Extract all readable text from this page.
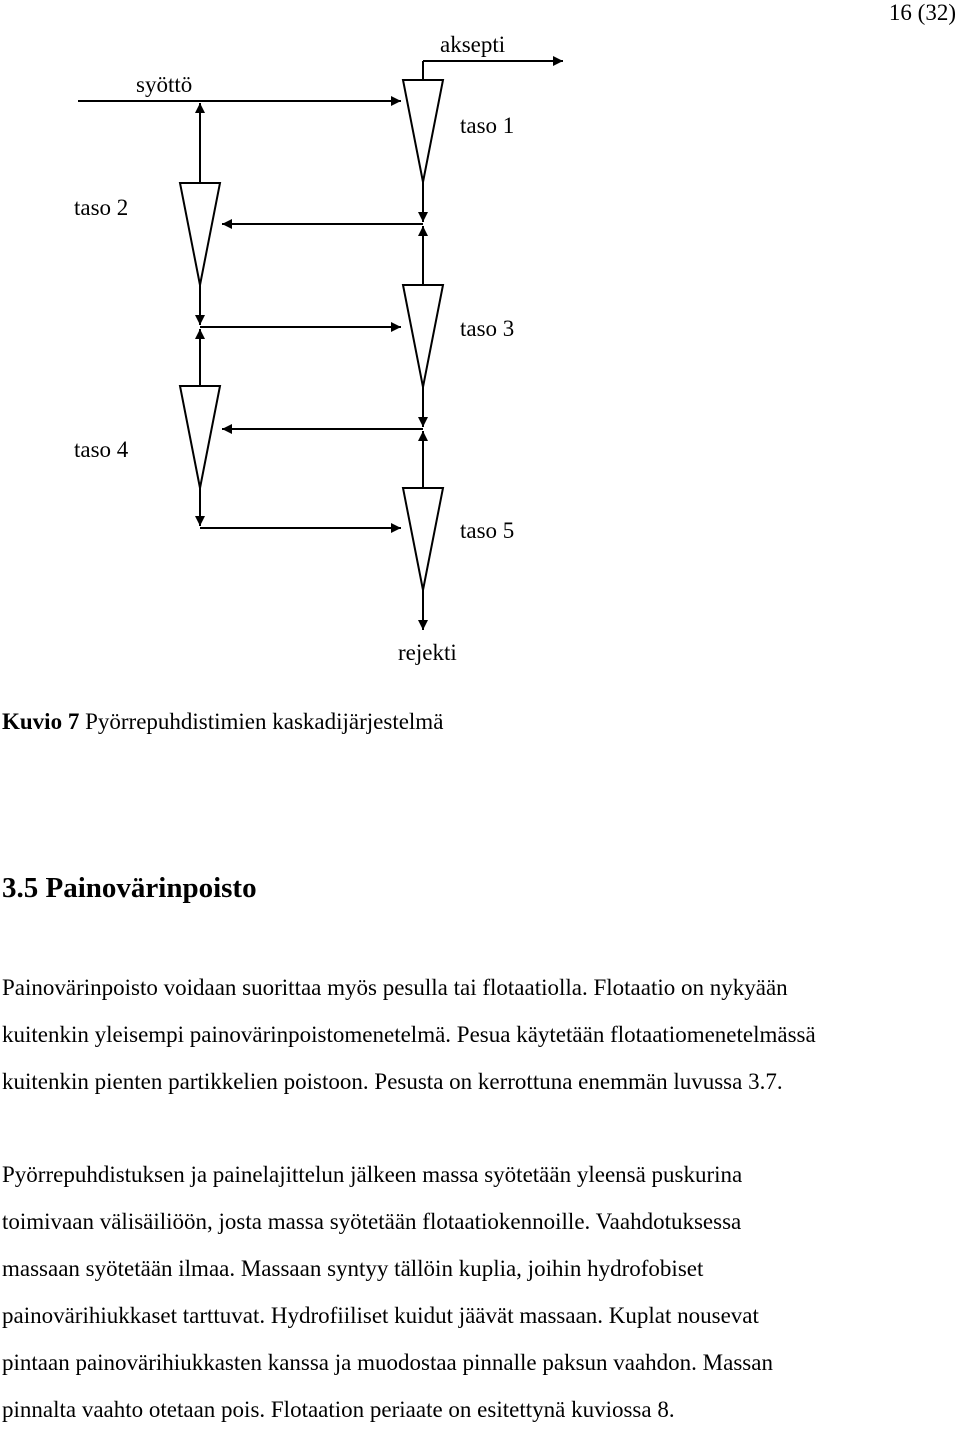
16 (32)
syöttö
aksepti
taso 1
taso 2
taso 3
taso 4
taso 5
rejekti
Kuvio 7 Pyörrepuhdistimien kaskadijärjestelmä
3.5 Painovärinpoisto
Painovärinpoisto voidaan suorittaa myös pesulla tai flotaatiolla. Flotaatio on nykyään
kuitenkin yleisempi painovärinpoistomenetelmä. Pesua käytetään flotaatiomenetelmässä
kuitenkin pienten partikkelien poistoon. Pesusta on kerrottuna enemmän luvussa 3.7.
Pyörrepuhdistuksen ja painelajittelun jälkeen massa syötetään yleensä puskurina
toimivaan välisäiliöön, josta massa syötetään flotaatiokennoille. Vaahdotuksessa
massaan syötetään ilmaa. Massaan syntyy tällöin kuplia, joihin hydrofobiset
painovärihiukkaset tarttuvat. Hydrofiiliset kuidut jäävät massaan. Kuplat nousevat
pintaan painovärihiukkasten kanssa ja muodostaa pinnalle paksun vaahdon. Massan
pinnalta vaahto otetaan pois. Flotaation periaate on esitettynä kuviossa 8.
